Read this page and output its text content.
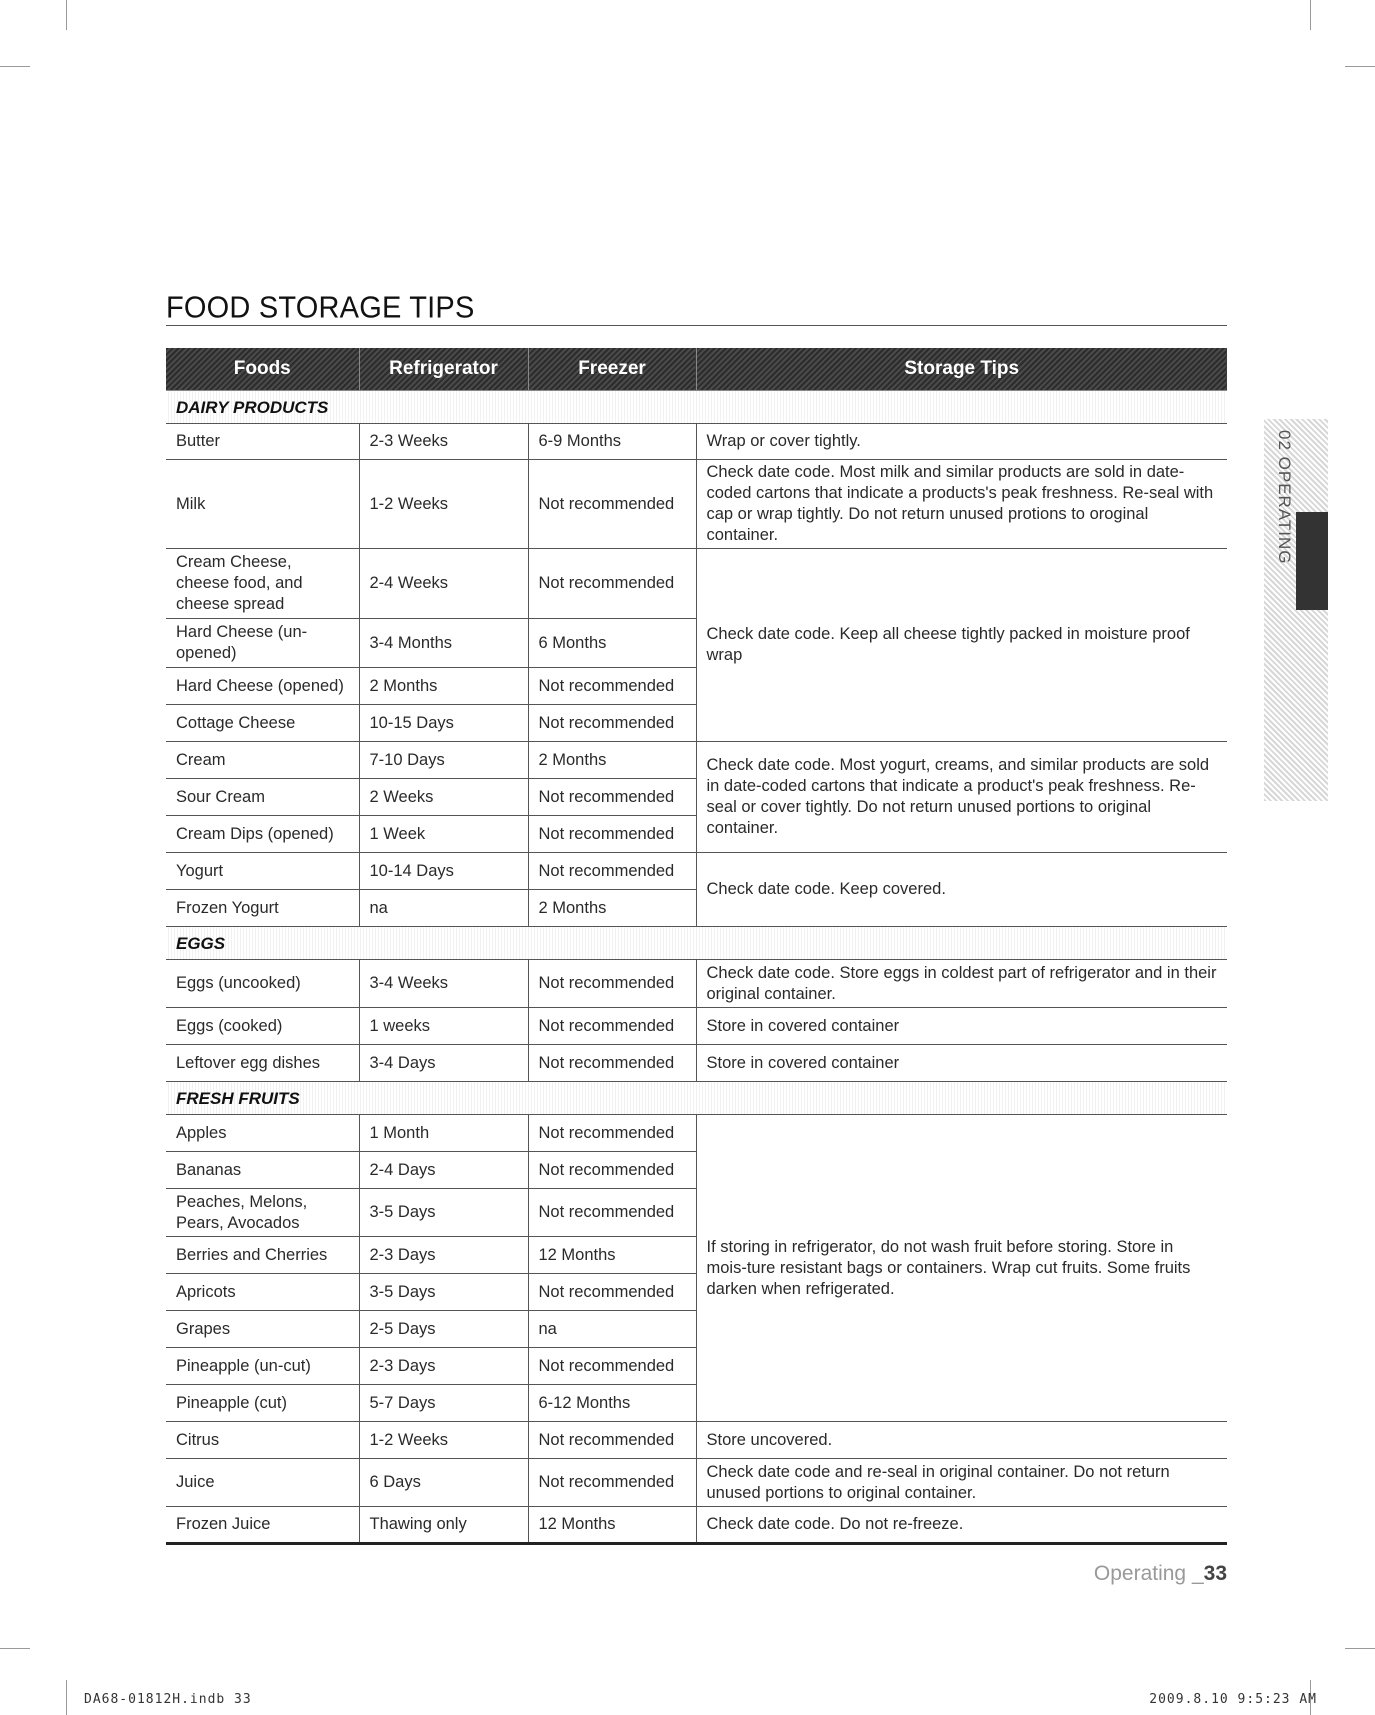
FOOD STORAGE TIPS
Foods	Refrigerator	Freezer	Storage Tips
DAIRY PRODUCTS			
Butter	2-3 Weeks	6-9 Months	Wrap or cover tightly.
Milk	1-2 Weeks	Not recommended	Check date code. Most milk and similar products are sold in date-coded cartons that indicate a products's peak freshness. Re-seal with cap or wrap tightly. Do not return unused protions to oroginal container.
Cream Cheese, cheese food, and cheese spread	2-4 Weeks	Not recommended	Check date code. Keep all cheese tightly packed in moisture proof wrap
Hard Cheese (un-opened)	3-4 Months	6 Months	
Hard Cheese (opened)	2 Months	Not recommended	
Cottage Cheese	10-15 Days	Not recommended	
Cream	7-10 Days	2 Months	Check date code. Most yogurt, creams, and similar products are sold in date-coded cartons that indicate a product's peak freshness. Re-seal or cover tightly. Do not return unused portions to original container.
Sour Cream	2 Weeks	Not recommended	
Cream Dips (opened)	1 Week	Not recommended	
Yogurt	10-14 Days	Not recommended	Check date code. Keep covered.
Frozen Yogurt	na	2 Months	
EGGS			
Eggs (uncooked)	3-4 Weeks	Not recommended	Check date code. Store eggs in coldest part of refrigerator and in their original container.
Eggs (cooked)	1 weeks	Not recommended	Store in covered container
Leftover egg dishes	3-4 Days	Not recommended	Store in covered container
FRESH FRUITS			
Apples	1 Month	Not recommended	If storing in refrigerator, do not wash fruit before storing. Store in mois-ture resistant bags or containers. Wrap cut fruits. Some fruits darken when refrigerated.
Bananas	2-4 Days	Not recommended	
Peaches, Melons, Pears, Avocados	3-5 Days	Not recommended	
Berries and Cherries	2-3 Days	12 Months	
Apricots	3-5 Days	Not recommended	
Grapes	2-5 Days	na	
Pineapple (un-cut)	2-3 Days	Not recommended	
Pineapple (cut)	5-7 Days	6-12 Months	
Citrus	1-2 Weeks	Not recommended	Store uncovered.
Juice	6 Days	Not recommended	Check date code and re-seal in original container. Do not return unused portions to original container.
Frozen Juice	Thawing only	12 Months	Check date code. Do not re-freeze.
02 OPERATING
Operating _33
DA68-01812H.indb 33	2009.8.10 9:5:23 AM
